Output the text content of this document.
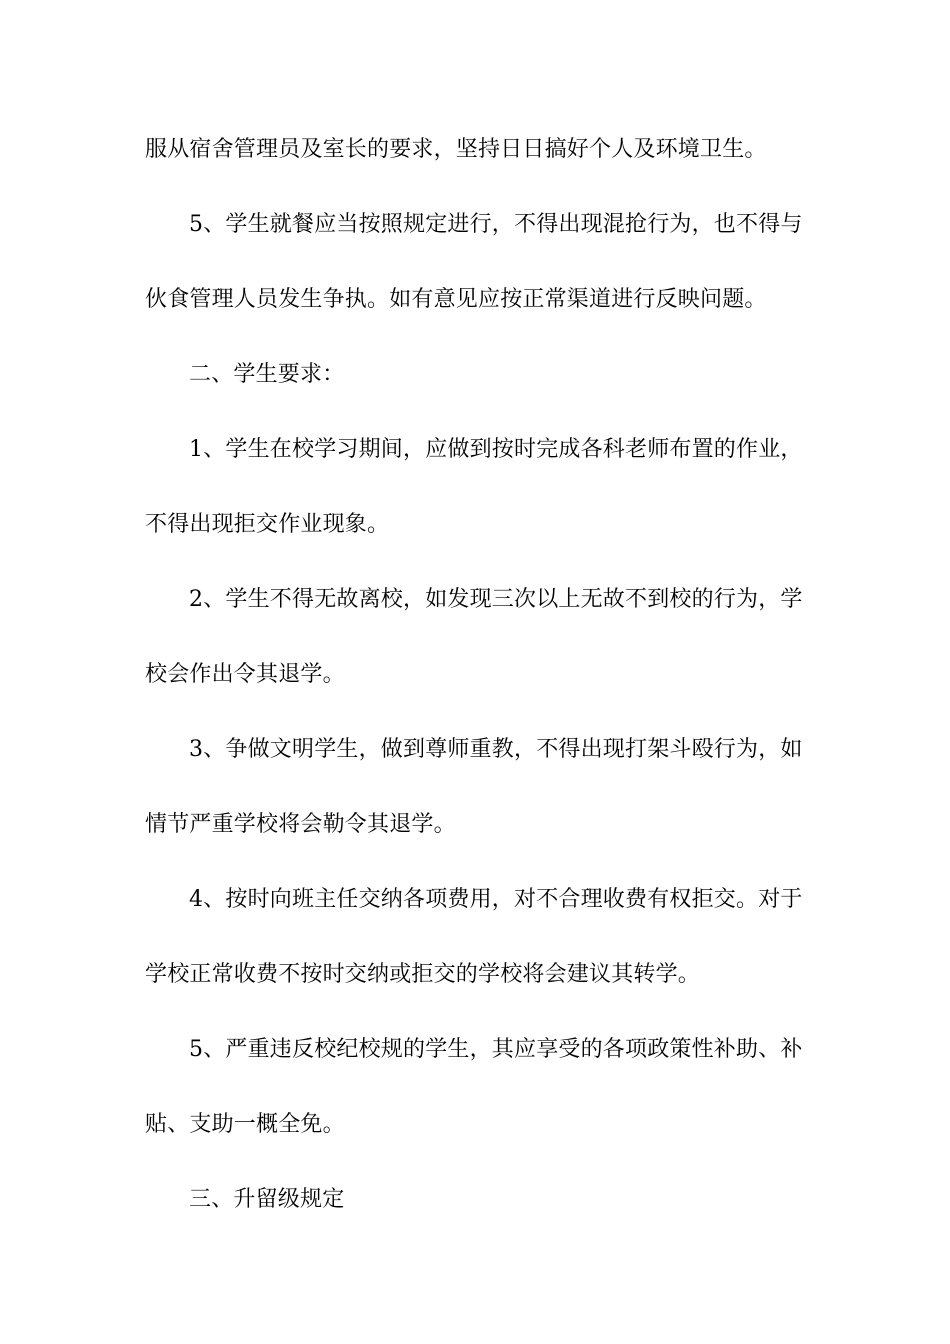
服从宿舍管理员及室长的要求，坚持日日搞好个人及环境卫生。
5、学生就餐应当按照规定进行，不得出现混抢行为，也不得与
伙食管理人员发生争执。如有意见应按正常渠道进行反映问题。
二、学生要求：
1、学生在校学习期间，应做到按时完成各科老师布置的作业，
不得出现拒交作业现象。
2、学生不得无故离校，如发现三次以上无故不到校的行为，学
校会作出令其退学。
3、争做文明学生，做到尊师重教，不得出现打架斗殴行为，如
情节严重学校将会勒令其退学。
4、按时向班主任交纳各项费用，对不合理收费有权拒交。对于
学校正常收费不按时交纳或拒交的学校将会建议其转学。
5、严重违反校纪校规的学生，其应享受的各项政策性补助、补
贴、支助一概全免。
三、升留级规定
